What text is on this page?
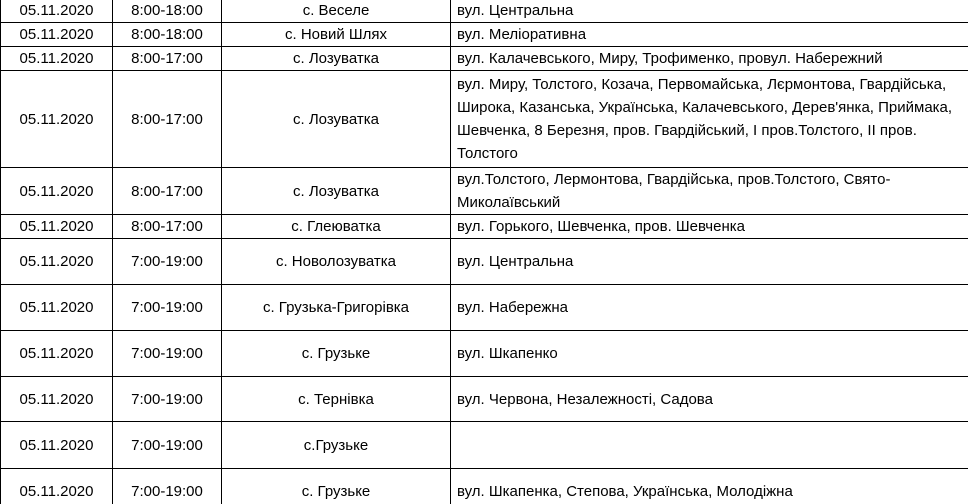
05.11.2020	8:00-18:00	с. Веселе	вул. Центральна
05.11.2020	8:00-18:00	с. Новий Шлях	вул. Меліоративна
05.11.2020	8:00-17:00	с. Лозуватка	вул. Калачевського, Миру, Трофименко, провул. Набережний
05.11.2020	8:00-17:00	с. Лозуватка	вул. Миру, Толстого, Козача, Первомайська, Лєрмонтова, Гвардійська, Широка, Казанська, Українська, Калачевського, Дерев'янка, Приймака, Шевченка, 8 Березня, пров. Гвардійський, І пров.Толстого, ІІ пров. Толстого
05.11.2020	8:00-17:00	с. Лозуватка	вул.Толстого, Лермонтова, Гвардійська, пров.Толстого, Свято-Миколаївський
05.11.2020	8:00-17:00	с. Глеюватка	вул. Горького, Шевченка, пров. Шевченка
05.11.2020	7:00-19:00	с. Новолозуватка	вул. Центральна
05.11.2020	7:00-19:00	с. Грузька-Григорівка	вул. Набережна
05.11.2020	7:00-19:00	с. Грузьке	вул. Шкапенко
05.11.2020	7:00-19:00	с. Тернівка	вул. Червона, Незалежності, Садова
05.11.2020	7:00-19:00	с.Грузьке	
05.11.2020	7:00-19:00	с. Грузьке	вул. Шкапенка, Степова, Українська, Молодіжна
